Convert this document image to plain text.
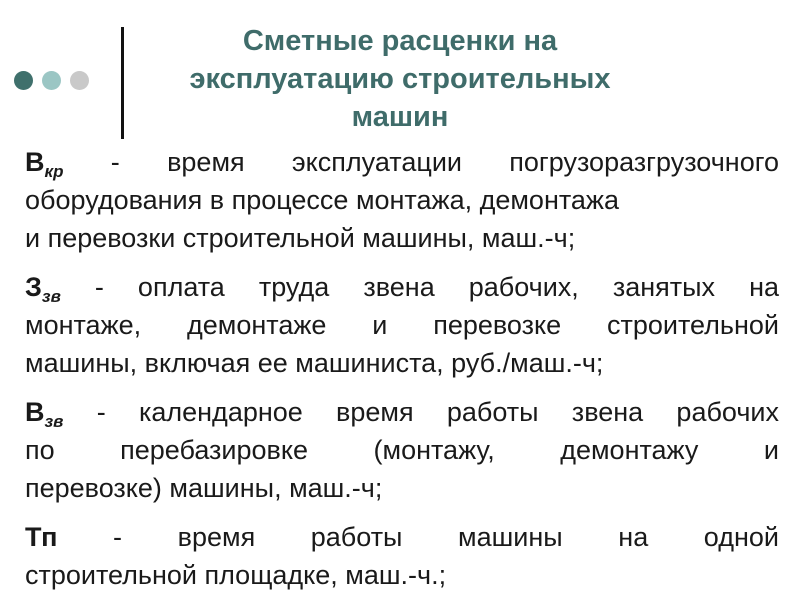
Сметные расценки на
эксплуатацию строительных
машин
$В_{кр}$ - время эксплуатации погрузоразгрузочного
оборудования в процессе монтажа, демонтажа
и перевозки строительной машины, маш.-ч;
$З_{зв}$ - оплата труда звена рабочих, занятых на
монтаже, демонтаже и перевозке строительной
машины, включая ее машиниста, руб./маш.-ч;
$В_{зв}$ - календарное время работы звена рабочих
по перебазировке (монтажу, демонтажу и
перевозке) машины, маш.-ч;
Тп - время работы машины на одной
строительной площадке, маш.-ч.;
